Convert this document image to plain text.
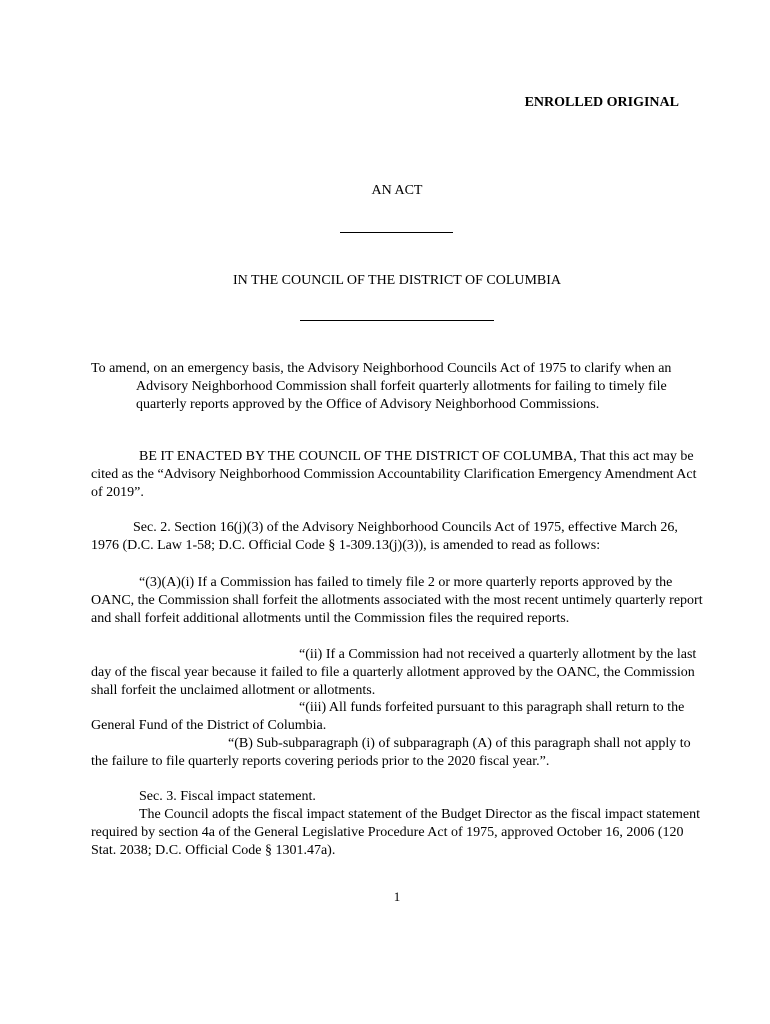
ENROLLED ORIGINAL

AN ACT

IN THE COUNCIL OF THE DISTRICT OF COLUMBIA

To amend, on an emergency basis, the Advisory Neighborhood Councils Act of 1975 to clarify when an Advisory Neighborhood Commission shall forfeit quarterly allotments for failing to timely file quarterly reports approved by the Office of Advisory Neighborhood Commissions.

BE IT ENACTED BY THE COUNCIL OF THE DISTRICT OF COLUMBA, That this act may be cited as the “Advisory Neighborhood Commission Accountability Clarification Emergency Amendment Act of 2019”.

Sec. 2. Section 16(j)(3) of the Advisory Neighborhood Councils Act of 1975, effective March 26, 1976 (D.C. Law 1-58; D.C. Official Code § 1-309.13(j)(3)), is amended to read as follows:

“(3)(A)(i) If a Commission has failed to timely file 2 or more quarterly reports approved by the OANC, the Commission shall forfeit the allotments associated with the most recent untimely quarterly report and shall forfeit additional allotments until the Commission files the required reports.

“(ii) If a Commission had not received a quarterly allotment by the last day of the fiscal year because it failed to file a quarterly allotment approved by the OANC, the Commission shall forfeit the unclaimed allotment or allotments.

“(iii) All funds forfeited pursuant to this paragraph shall return to the General Fund of the District of Columbia.

“(B) Sub-subparagraph (i) of subparagraph (A) of this paragraph shall not apply to the failure to file quarterly reports covering periods prior to the 2020 fiscal year.”.

Sec. 3. Fiscal impact statement.

The Council adopts the fiscal impact statement of the Budget Director as the fiscal impact statement required by section 4a of the General Legislative Procedure Act of 1975, approved October 16, 2006 (120 Stat. 2038; D.C. Official Code § 1301.47a).

1
